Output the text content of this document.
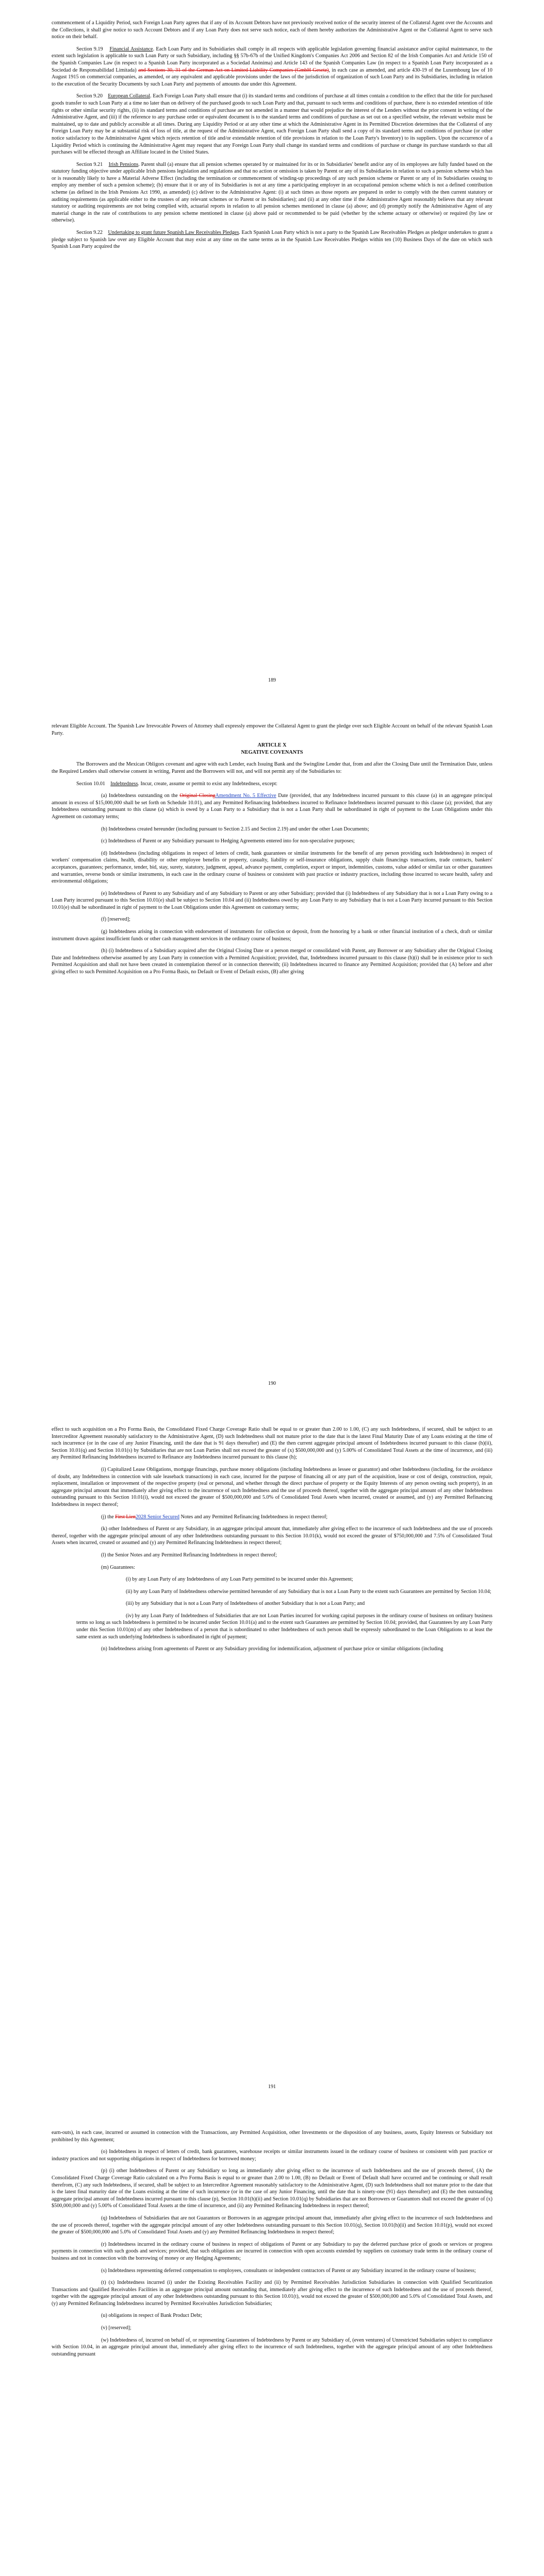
commencement of a Liquidity Period, such Foreign Loan Party agrees that if any of its Account Debtors have not previously received notice of the security interest of the Collateral Agent over the Accounts and the Collections, it shall give notice to such Account Debtors and if any Loan Party does not serve such notice, each of them hereby authorizes the Administrative Agent or the Collateral Agent to serve such notice on their behalf.

Section 9.19 Financial Assistance. Each Loan Party and its Subsidiaries shall comply in all respects with applicable legislation governing financial assistance and/or capital maintenance, to the extent such legislation is applicable to such Loan Party or such Subsidiary, including §§ 57b-67b of the Unified Kingdom's Companies Act 2006 and Section 82 of the Irish Companies Act and Article 150 of the Spanish Companies Law (in respect to a Spanish Loan Party incorporated as a Sociedad Anónima) and Article 143 of the Spanish Companies Law (in respect to a Spanish Loan Party incorporated as a Sociedad de Responsabilidad Limitada) and Sections 30, 31 of the German Act on Limited Liability Companies (GmbH Gesetz), in each case as amended, and article 430-19 of the Luxembourg law of 10 August 1915 on commercial companies, as amended, or any equivalent and applicable provisions under the laws of the jurisdiction of organization of such Loan Party and its Subsidiaries, including in relation to the execution of the Security Documents by such Loan Party and payments of amounts due under this Agreement.

Section 9.20 European Collateral. Each Foreign Loan Party shall ensure that (i) its standard terms and conditions of purchase at all times contain a condition to the effect that the title for purchased goods transfer to such Loan Party at a time no later than on delivery of the purchased goods to such Loan Party and that, pursuant to such terms and conditions of purchase, there is no extended retention of title rights or other similar security rights, (ii) its standard terms and conditions of purchase are not amended in a manner that would prejudice the interest of the Lenders without the prior consent in writing of the Administrative Agent, and (iii) if the reference to any purchase order or equivalent document is to the standard terms and conditions of purchase as set out on a specified website, the relevant website must be maintained, up to date and publicly accessible at all times. During any Liquidity Period or at any other time at which the Administrative Agent in its Permitted Discretion determines that the Collateral of any Foreign Loan Party may be at substantial risk of loss of title, at the request of the Administrative Agent, each Foreign Loan Party shall send a copy of its standard terms and conditions of purchase (or other notice satisfactory to the Administrative Agent which rejects retention of title and/or extendable retention of title provisions in relation to the Loan Party's Inventory) to its suppliers. Upon the occurrence of a Liquidity Period which is continuing the Administrative Agent may request that any Foreign Loan Party shall change its standard terms and conditions of purchase or change its purchase standards so that all purchases will be effected through an Affiliate located in the United States.

Section 9.21 Irish Pensions. Parent shall (a) ensure that all pension schemes operated by or maintained for its or its Subsidiaries' benefit and/or any of its employees are fully funded based on the statutory funding objective under applicable Irish pensions legislation and regulations and that no action or omission is taken by Parent or any of its Subsidiaries in relation to such a pension scheme which has or is reasonably likely to have a Material Adverse Effect (including the termination or commencement of winding-up proceedings of any such pension scheme or Parent or any of its Subsidiaries ceasing to employ any member of such a pension scheme); (b) ensure that it or any of its Subsidiaries is not at any time a participating employer in an occupational pension scheme which is not a defined contribution scheme (as defined in the Irish Pensions Act 1990, as amended) (c) deliver to the Administrative Agent: (i) at such times as those reports are prepared in order to comply with the then current statutory or auditing requirements (as applicable either to the trustees of any relevant schemes or to Parent or its Subsidiaries); and (ii) at any other time if the Administrative Agent reasonably believes that any relevant statutory or auditing requirements are not being complied with, actuarial reports in relation to all pension schemes mentioned in clause (a) above; and (d) promptly notify the Administrative Agent of any material change in the rate of contributions to any pension scheme mentioned in clause (a) above paid or recommended to be paid (whether by the scheme actuary or otherwise) or required (by law or otherwise).

Section 9.22 Undertaking to grant future Spanish Law Receivables Pledges. Each Spanish Loan Party which is not a party to the Spanish Law Receivables Pledges as pledgor undertakes to grant a pledge subject to Spanish law over any Eligible Account that may exist at any time on the same terms as in the Spanish Law Receivables Pledges within ten (10) Business Days of the date on which such Spanish Loan Party acquired the

189

relevant Eligible Account. The Spanish Law Irrevocable Powers of Attorney shall expressly empower the Collateral Agent to grant the pledge over such Eligible Account on behalf of the relevant Spanish Loan Party.

ARTICLE X

NEGATIVE COVENANTS

The Borrowers and the Mexican Obligors covenant and agree with each Lender, each Issuing Bank and the Swingline Lender that, from and after the Closing Date until the Termination Date, unless the Required Lenders shall otherwise consent in writing, Parent and the Borrowers will not, and will not permit any of the Subsidiaries to:

Section 10.01 Indebtedness. Incur, create, assume or permit to exist any Indebtedness, except:

(a) Indebtedness outstanding on the Original ClosingAmendment No. 5 Effective Date (provided, that any Indebtedness incurred pursuant to this clause (a) in an aggregate principal amount in excess of $15,000,000 shall be set forth on Schedule 10.01), and any Permitted Refinancing Indebtedness incurred to Refinance Indebtedness incurred pursuant to this clause (a); provided, that any Indebtedness outstanding pursuant to this clause (a) which is owed by a Loan Party to a Subsidiary that is not a Loan Party shall be subordinated in right of payment to the Loan Obligations under this Agreement on customary terms;

(b) Indebtedness created hereunder (including pursuant to Section 2.15 and Section 2.19) and under the other Loan Documents;

(c) Indebtedness of Parent or any Subsidiary pursuant to Hedging Agreements entered into for non-speculative purposes;

(d) Indebtedness (including obligations in respect of letters of credit, bank guarantees or similar instruments for the benefit of any person providing such Indebtedness) in respect of workers' compensation claims, health, disability or other employee benefits or property, casualty, liability or self-insurance obligations, supply chain financings transactions, trade contracts, bankers' acceptances, guarantees; performance, tender, bid, stay, surety, statutory, judgment, appeal, advance payment, completion, export or import, indemnities, customs, value added or similar tax or other guarantees and warranties, reverse bonds or similar instruments, in each case in the ordinary course of business or consistent with past practice or industry practices, including those incurred to secure health, safety and environmental obligations;

(e) Indebtedness of Parent to any Subsidiary and of any Subsidiary to Parent or any other Subsidiary; provided that (i) Indebtedness of any Subsidiary that is not a Loan Party owing to a Loan Party incurred pursuant to this Section 10.01(e) shall be subject to Section 10.04 and (ii) Indebtedness owed by any Loan Party to any Subsidiary that is not a Loan Party incurred pursuant to this Section 10.01(e) shall be subordinated in right of payment to the Loan Obligations under this Agreement on customary terms;

(f) [reserved];

(g) Indebtedness arising in connection with endorsement of instruments for collection or deposit, from the honoring by a bank or other financial institution of a check, draft or similar instrument drawn against insufficient funds or other cash management services in the ordinary course of business;

(h) (i) Indebtedness of a Subsidiary acquired after the Original Closing Date or a person merged or consolidated with Parent, any Borrower or any Subsidiary after the Original Closing Date and Indebtedness otherwise assumed by any Loan Party in connection with a Permitted Acquisition; provided, that, Indebtedness incurred pursuant to this clause (h)(i) shall be in existence prior to such Permitted Acquisition and shall not have been created in contemplation thereof or in connection therewith; (ii) Indebtedness incurred to finance any Permitted Acquisition; provided that (A) before and after giving effect to such Permitted Acquisition on a Pro Forma Basis, no Default or Event of Default exists, (B) after giving

190

effect to such acquisition on a Pro Forma Basis, the Consolidated Fixed Charge Coverage Ratio shall be equal to or greater than 2.00 to 1.00, (C) any such Indebtedness, if secured, shall be subject to an Intercreditor Agreement reasonably satisfactory to the Administrative Agent, (D) such Indebtedness shall not mature prior to the date that is the latest Final Maturity Date of any Loans existing at the time of such incurrence (or in the case of any Junior Financing, until the date that is 91 days thereafter) and (E) the then current aggregate principal amount of Indebtedness incurred pursuant to this clause (h)(ii), Section 10.01(q) and Section 10.01(s) by Subsidiaries that are not Loan Parties shall not exceed the greater of (x) $500,000,000 and (y) 5.00% of Consolidated Total Assets at the time of incurrence, and (iii) any Permitted Refinancing Indebtedness incurred to Refinance any Indebtedness incurred pursuant to this clause (h);

(i) Capitalized Lease Obligations, mortgage financings, purchase money obligations (including Indebtedness as lessee or guarantor) and other Indebtedness (including, for the avoidance of doubt, any Indebtedness in connection with sale leaseback transactions) in each case, incurred for the purpose of financing all or any part of the acquisition, lease or cost of design, construction, repair, replacement, installation or improvement of the respective property (real or personal, and whether through the direct purchase of property or the Equity Interests of any person owning such property), in an aggregate principal amount that immediately after giving effect to the incurrence of such Indebtedness and the use of proceeds thereof, together with the aggregate principal amount of any other Indebtedness outstanding pursuant to this Section 10.01(i), would not exceed the greater of $500,000,000 and 5.0% of Consolidated Total Assets when incurred, created or assumed, and (y) any Permitted Refinancing Indebtedness in respect thereof;

(j) the First Lien2028 Senior Secured Notes and any Permitted Refinancing Indebtedness in respect thereof;

(k) other Indebtedness of Parent or any Subsidiary, in an aggregate principal amount that, immediately after giving effect to the incurrence of such Indebtedness and the use of proceeds thereof, together with the aggregate principal amount of any other Indebtedness outstanding pursuant to this Section 10.01(k), would not exceed the greater of $750,000,000 and 7.5% of Consolidated Total Assets when incurred, created or assumed and (y) any Permitted Refinancing Indebtedness in respect thereof;

(l) the Senior Notes and any Permitted Refinancing Indebtedness in respect thereof;

(m) Guarantees:

(i) by any Loan Party of any Indebtedness of any Loan Party permitted to be incurred under this Agreement;

(ii) by any Loan Party of Indebtedness otherwise permitted hereunder of any Subsidiary that is not a Loan Party to the extent such Guarantees are permitted by Section 10.04;

(iii) by any Subsidiary that is not a Loan Party of Indebtedness of another Subsidiary that is not a Loan Party; and

(iv) by any Loan Party of Indebtedness of Subsidiaries that are not Loan Parties incurred for working capital purposes in the ordinary course of business on ordinary business terms so long as such Indebtedness is permitted to be incurred under Section 10.01(a) and to the extent such Guarantees are permitted by Section 10.04; provided, that Guarantees by any Loan Party under this Section 10.01(m) of any other Indebtedness of a person that is subordinated to other Indebtedness of such person shall be expressly subordinated to the Loan Obligations to at least the same extent as such underlying Indebtedness is subordinated in right of payment;

(n) Indebtedness arising from agreements of Parent or any Subsidiary providing for indemnification, adjustment of purchase price or similar obligations (including

191

earn-outs), in each case, incurred or assumed in connection with the Transactions, any Permitted Acquisition, other Investments or the disposition of any business, assets, Equity Interests or Subsidiary not prohibited by this Agreement;

(o) Indebtedness in respect of letters of credit, bank guarantees, warehouse receipts or similar instruments issued in the ordinary course of business or consistent with past practice or industry practices and not supporting obligations in respect of Indebtedness for borrowed money;

(p) (i) other Indebtedness of Parent or any Subsidiary so long as immediately after giving effect to the incurrence of such Indebtedness and the use of proceeds thereof, (A) the Consolidated Fixed Charge Coverage Ratio calculated on a Pro Forma Basis is equal to or greater than 2.00 to 1.00, (B) no Default or Event of Default shall have occurred and be continuing or shall result therefrom, (C) any such Indebtedness, if secured, shall be subject to an Intercreditor Agreement reasonably satisfactory to the Administrative Agent, (D) such Indebtedness shall not mature prior to the date that is the latest final maturity date of the Loans existing at the time of such incurrence (or in the case of any Junior Financing, until the date that is ninety-one (91) days thereafter) and (E) the then outstanding aggregate principal amount of Indebtedness incurred pursuant to this clause (p), Section 10.01(h)(ii) and Section 10.01(q) by Subsidiaries that are not Borrowers or Guarantors shall not exceed the greater of (x) $500,000,000 and (y) 5.00% of Consolidated Total Assets at the time of incurrence, and (ii) any Permitted Refinancing Indebtedness in respect thereof;

(q) Indebtedness of Subsidiaries that are not Guarantors or Borrowers in an aggregate principal amount that, immediately after giving effect to the incurrence of such Indebtedness and the use of proceeds thereof, together with the aggregate principal amount of any other Indebtedness outstanding pursuant to this Section 10.01(q), Section 10.01(h)(ii) and Section 10.01(p), would not exceed the greater of $500,000,000 and 5.0% of Consolidated Total Assets and (y) any Permitted Refinancing Indebtedness in respect thereof;

(r) Indebtedness incurred in the ordinary course of business in respect of obligations of Parent or any Subsidiary to pay the deferred purchase price of goods or services or progress payments in connection with such goods and services; provided, that such obligations are incurred in connection with open accounts extended by suppliers on customary trade terms in the ordinary course of business and not in connection with the borrowing of money or any Hedging Agreements;

(s) Indebtedness representing deferred compensation to employees, consultants or independent contractors of Parent or any Subsidiary incurred in the ordinary course of business;

(t) (x) Indebtedness incurred (i) under the Existing Receivables Facility and (ii) by Permitted Receivables Jurisdiction Subsidiaries in connection with Qualified Securitization Transactions and Qualified Receivables Facilities in an aggregate principal amount outstanding that, immediately after giving effect to the incurrence of such Indebtedness and the use of proceeds thereof, together with the aggregate principal amount of any other Indebtedness outstanding pursuant to this Section 10.01(t), would not exceed the greater of $500,000,000 and 5.0% of Consolidated Total Assets, and (y) any Permitted Refinancing Indebtedness incurred by Permitted Receivables Jurisdiction Subsidiaries;

(u) obligations in respect of Bank Product Debt;

(v) [reserved];

(w) Indebtedness of, incurred on behalf of, or representing Guarantees of Indebtedness by Parent or any Subsidiary of, (even ventures) of Unrestricted Subsidiaries subject to compliance with Section 10.04, in an aggregate principal amount that, immediately after giving effect to the incurrence of such Indebtedness, together with the aggregate principal amount of any other Indebtedness outstanding pursuant
